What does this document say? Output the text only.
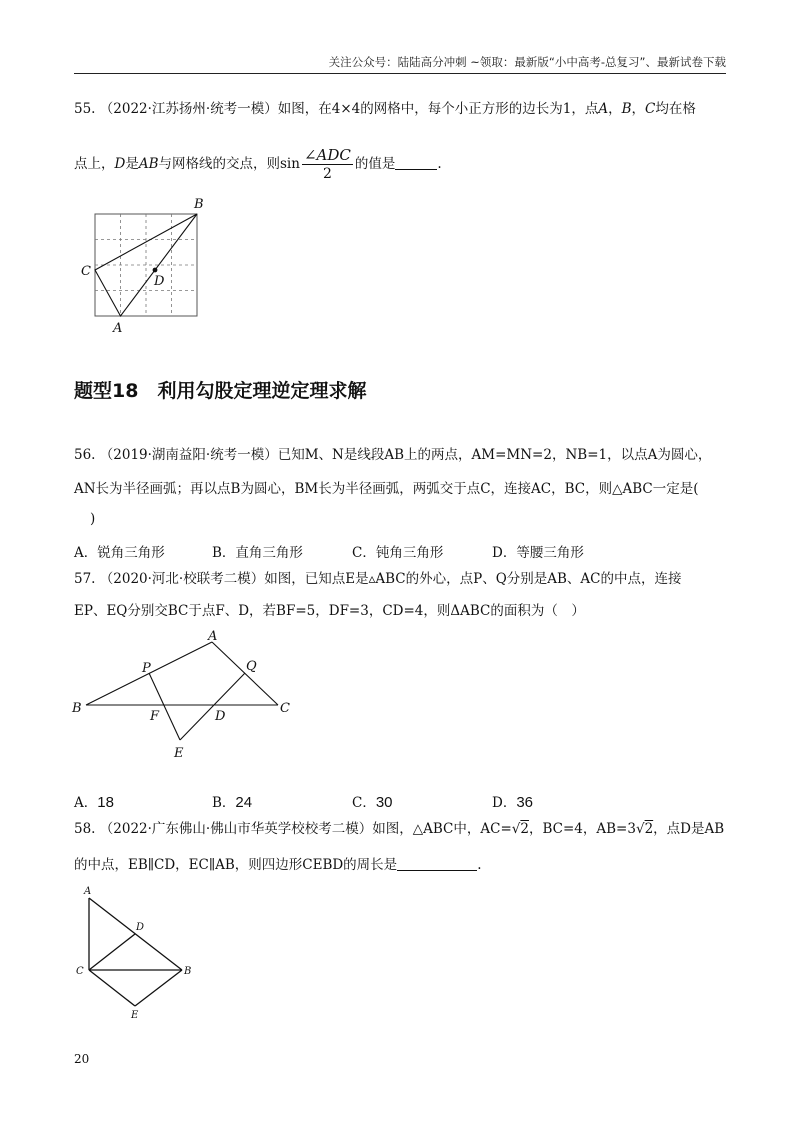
关注公众号：陆陆高分冲刺 ~领取：最新版“小中高考-总复习”、最新试卷下载
55. （2022·江苏扬州·统考一模）如图，在4×4的网格中，每个小正方形的边长为1，点A，B，C均在格
点上，D是AB与网格线的交点，则$\sin \frac{\text{∠ADC}}{2}$ 的值是	.
B
C
D
A
题型18　利用勾股定理逆定理求解
56. （2019·湖南益阳·统考一模）已知M、N是线段AB上的两点，AM=MN=2，NB=1，以点A为圆心，
AN长为半径画弧；再以点B为圆心，BM长为半径画弧，两弧交于点C，连接AC，BC，则△ABC一定是(
)
A．锐角三角形	B．直角三角形	C．钝角三角形	D．等腰三角形
57. （2020·河北·校联考二模）如图，已知点E是▵ABC的外心，点P、Q分别是AB、AC的中点，连接
EP、EQ分别交BC于点F、D，若BF=5，DF=3，CD=4，则ΔABC的面积为（　）
A
B	C
P	Q
F	D
E
A．18	B．24	C．30	D．36
58. （2022·广东佛山·佛山市华英学校校考二模）如图，△ABC中，AC=√2，BC=4，AB=3√2，点D是AB
的中点，EB∥CD，EC∥AB，则四边形CEBD的周长是	.
A
D
C	B
E
20
